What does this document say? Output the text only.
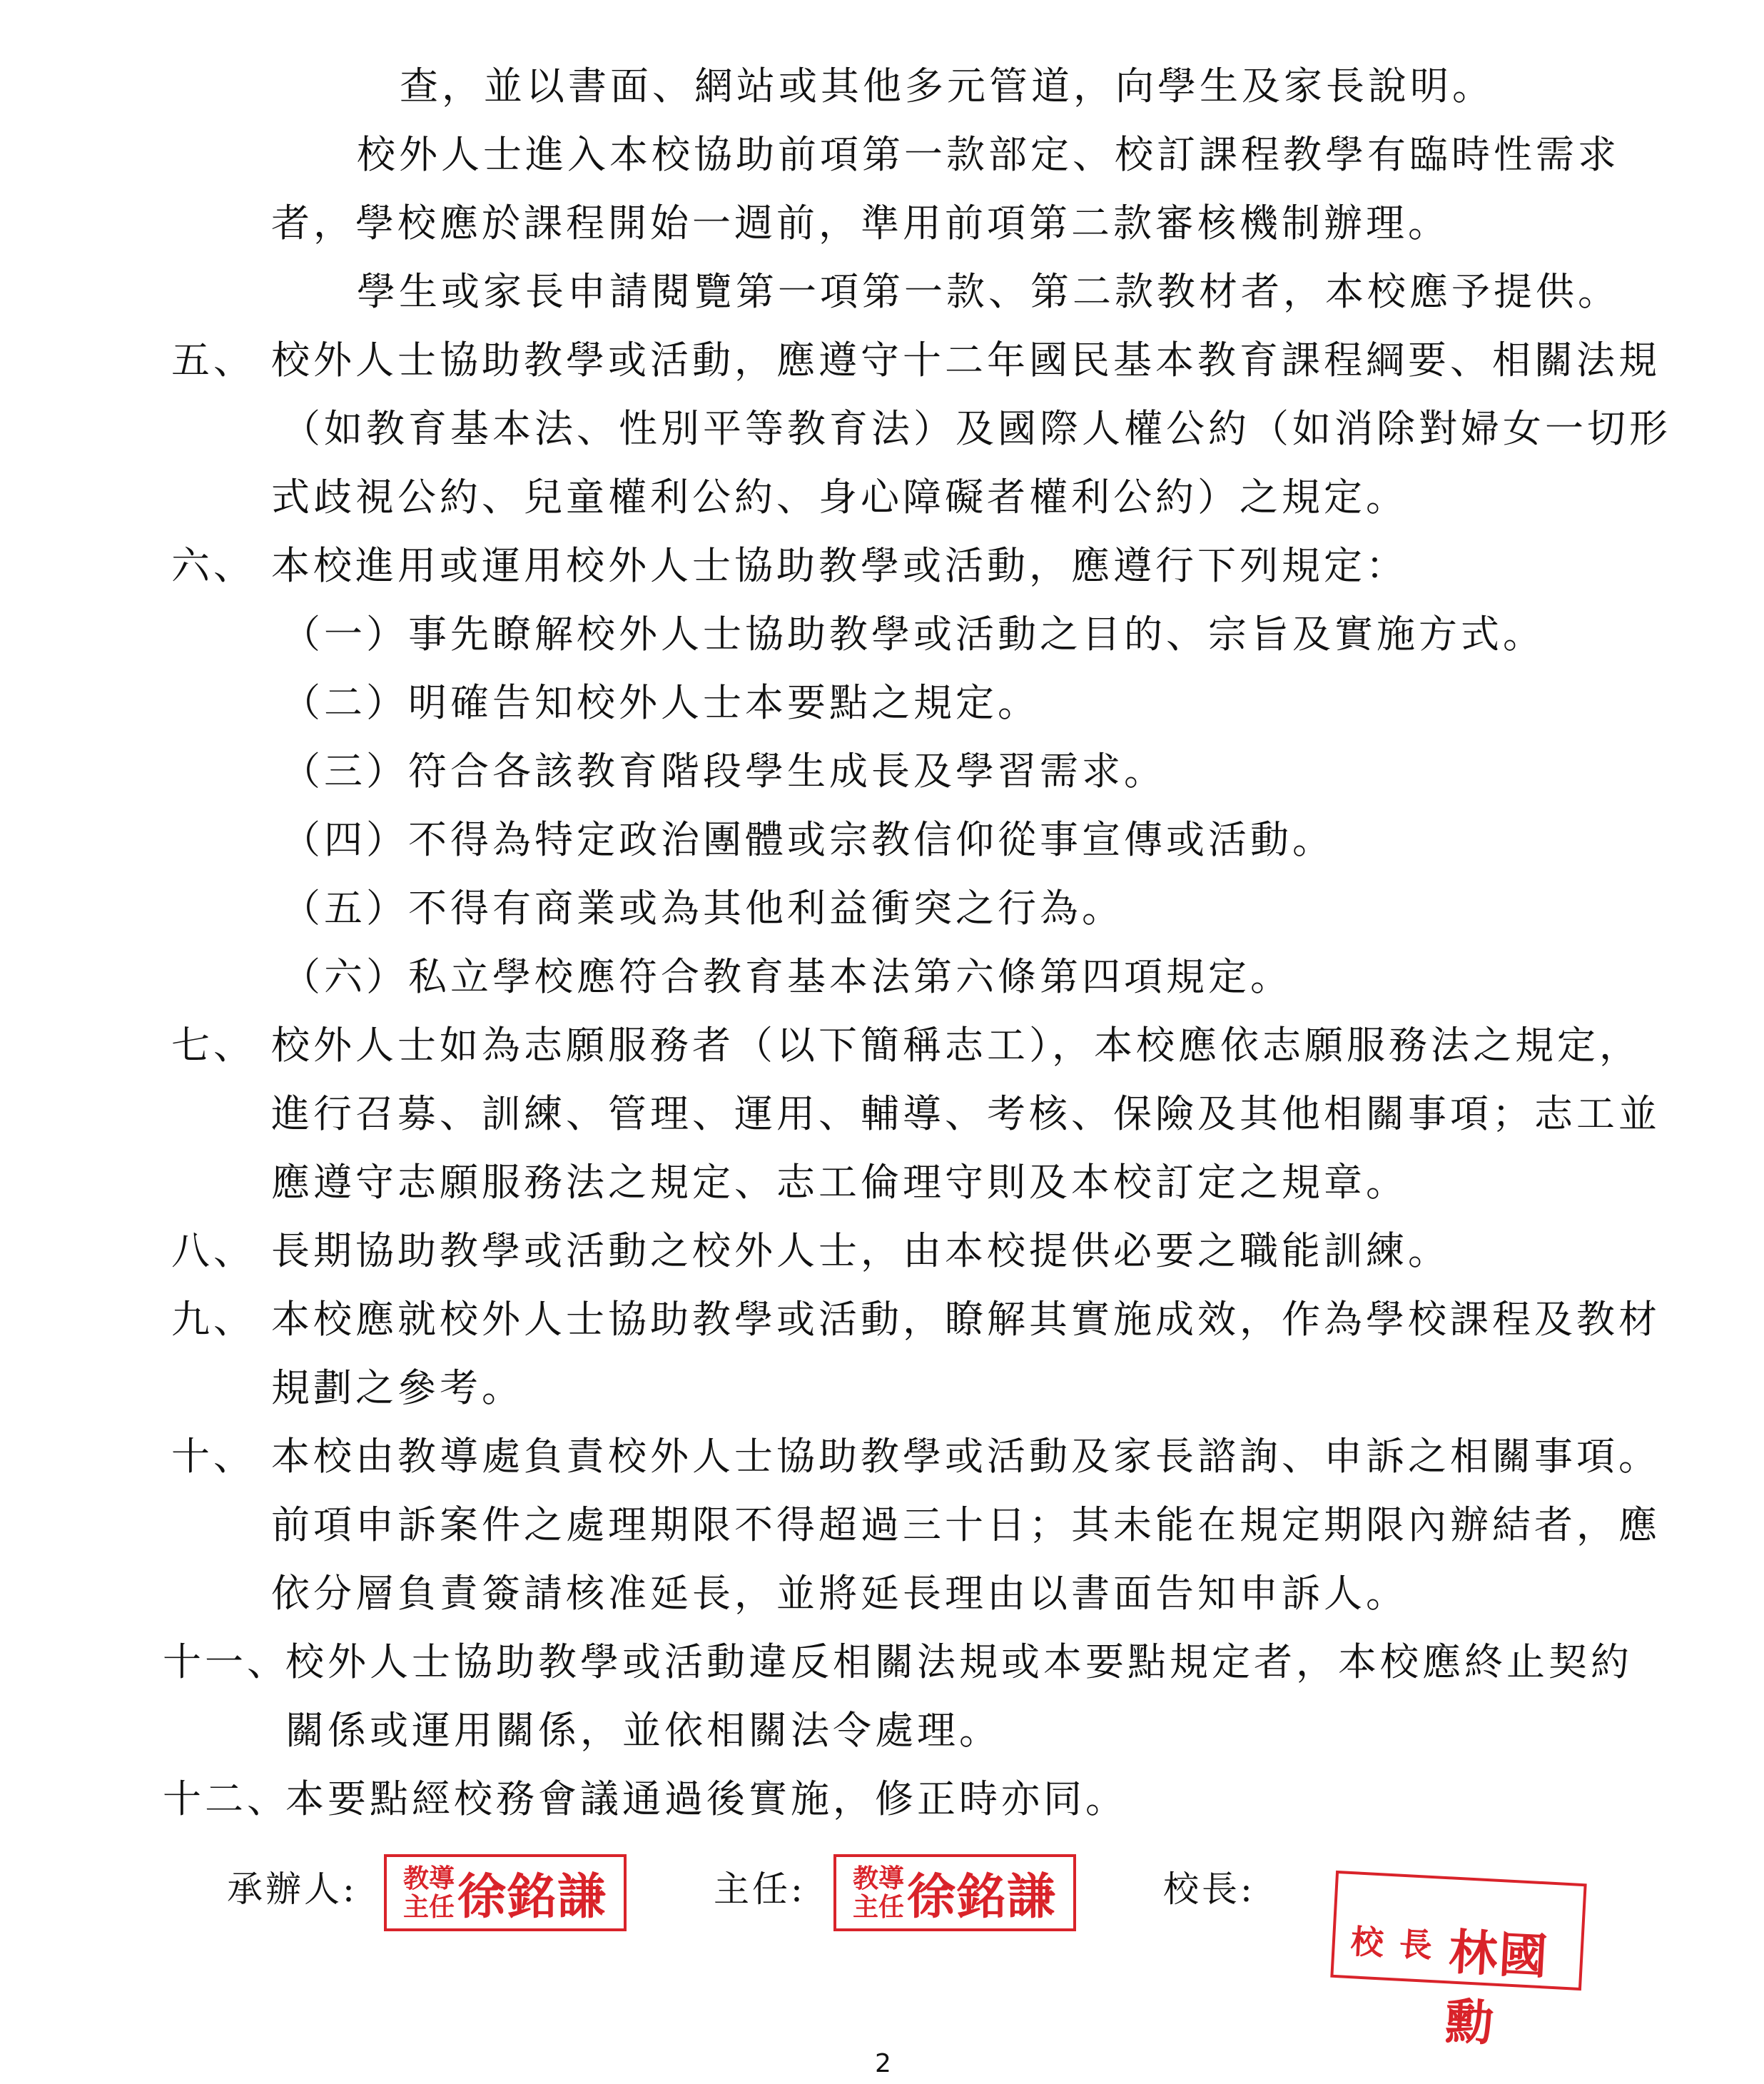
查，並以書面、網站或其他多元管道，向學生及家長說明。
校外人士進入本校協助前項第一款部定、校訂課程教學有臨時性需求
者，學校應於課程開始一週前，準用前項第二款審核機制辦理。
學生或家長申請閱覽第一項第一款、第二款教材者，本校應予提供。
五、 校外人士協助教學或活動，應遵守十二年國民基本教育課程綱要、相關法規
（如教育基本法、性別平等教育法）及國際人權公約（如消除對婦女一切形
式歧視公約、兒童權利公約、身心障礙者權利公約）之規定。
六、 本校進用或運用校外人士協助教學或活動，應遵行下列規定：
（一）事先瞭解校外人士協助教學或活動之目的、宗旨及實施方式。
（二）明確告知校外人士本要點之規定。
（三）符合各該教育階段學生成長及學習需求。
（四）不得為特定政治團體或宗教信仰從事宣傳或活動。
（五）不得有商業或為其他利益衝突之行為。
（六）私立學校應符合教育基本法第六條第四項規定。
七、 校外人士如為志願服務者（以下簡稱志工），本校應依志願服務法之規定，
進行召募、訓練、管理、運用、輔導、考核、保險及其他相關事項；志工並
應遵守志願服務法之規定、志工倫理守則及本校訂定之規章。
八、 長期協助教學或活動之校外人士，由本校提供必要之職能訓練。
九、 本校應就校外人士協助教學或活動，瞭解其實施成效，作為學校課程及教材
規劃之參考。
十、 本校由教導處負責校外人士協助教學或活動及家長諮詢、申訴之相關事項。
前項申訴案件之處理期限不得超過三十日；其未能在規定期限內辦結者，應
依分層負責簽請核准延長，並將延長理由以書面告知申訴人。
十一、
校外人士協助教學或活動違反相關法規或本要點規定者，本校應終止契約
關係或運用關係，並依相關法令處理。
十二、
本要點經校務會議通過後實施，修正時亦同。
承辦人: 教導
主任 徐銘謙	主任: 教導
主任 徐銘謙	校長:
校 長 林國勳
2
